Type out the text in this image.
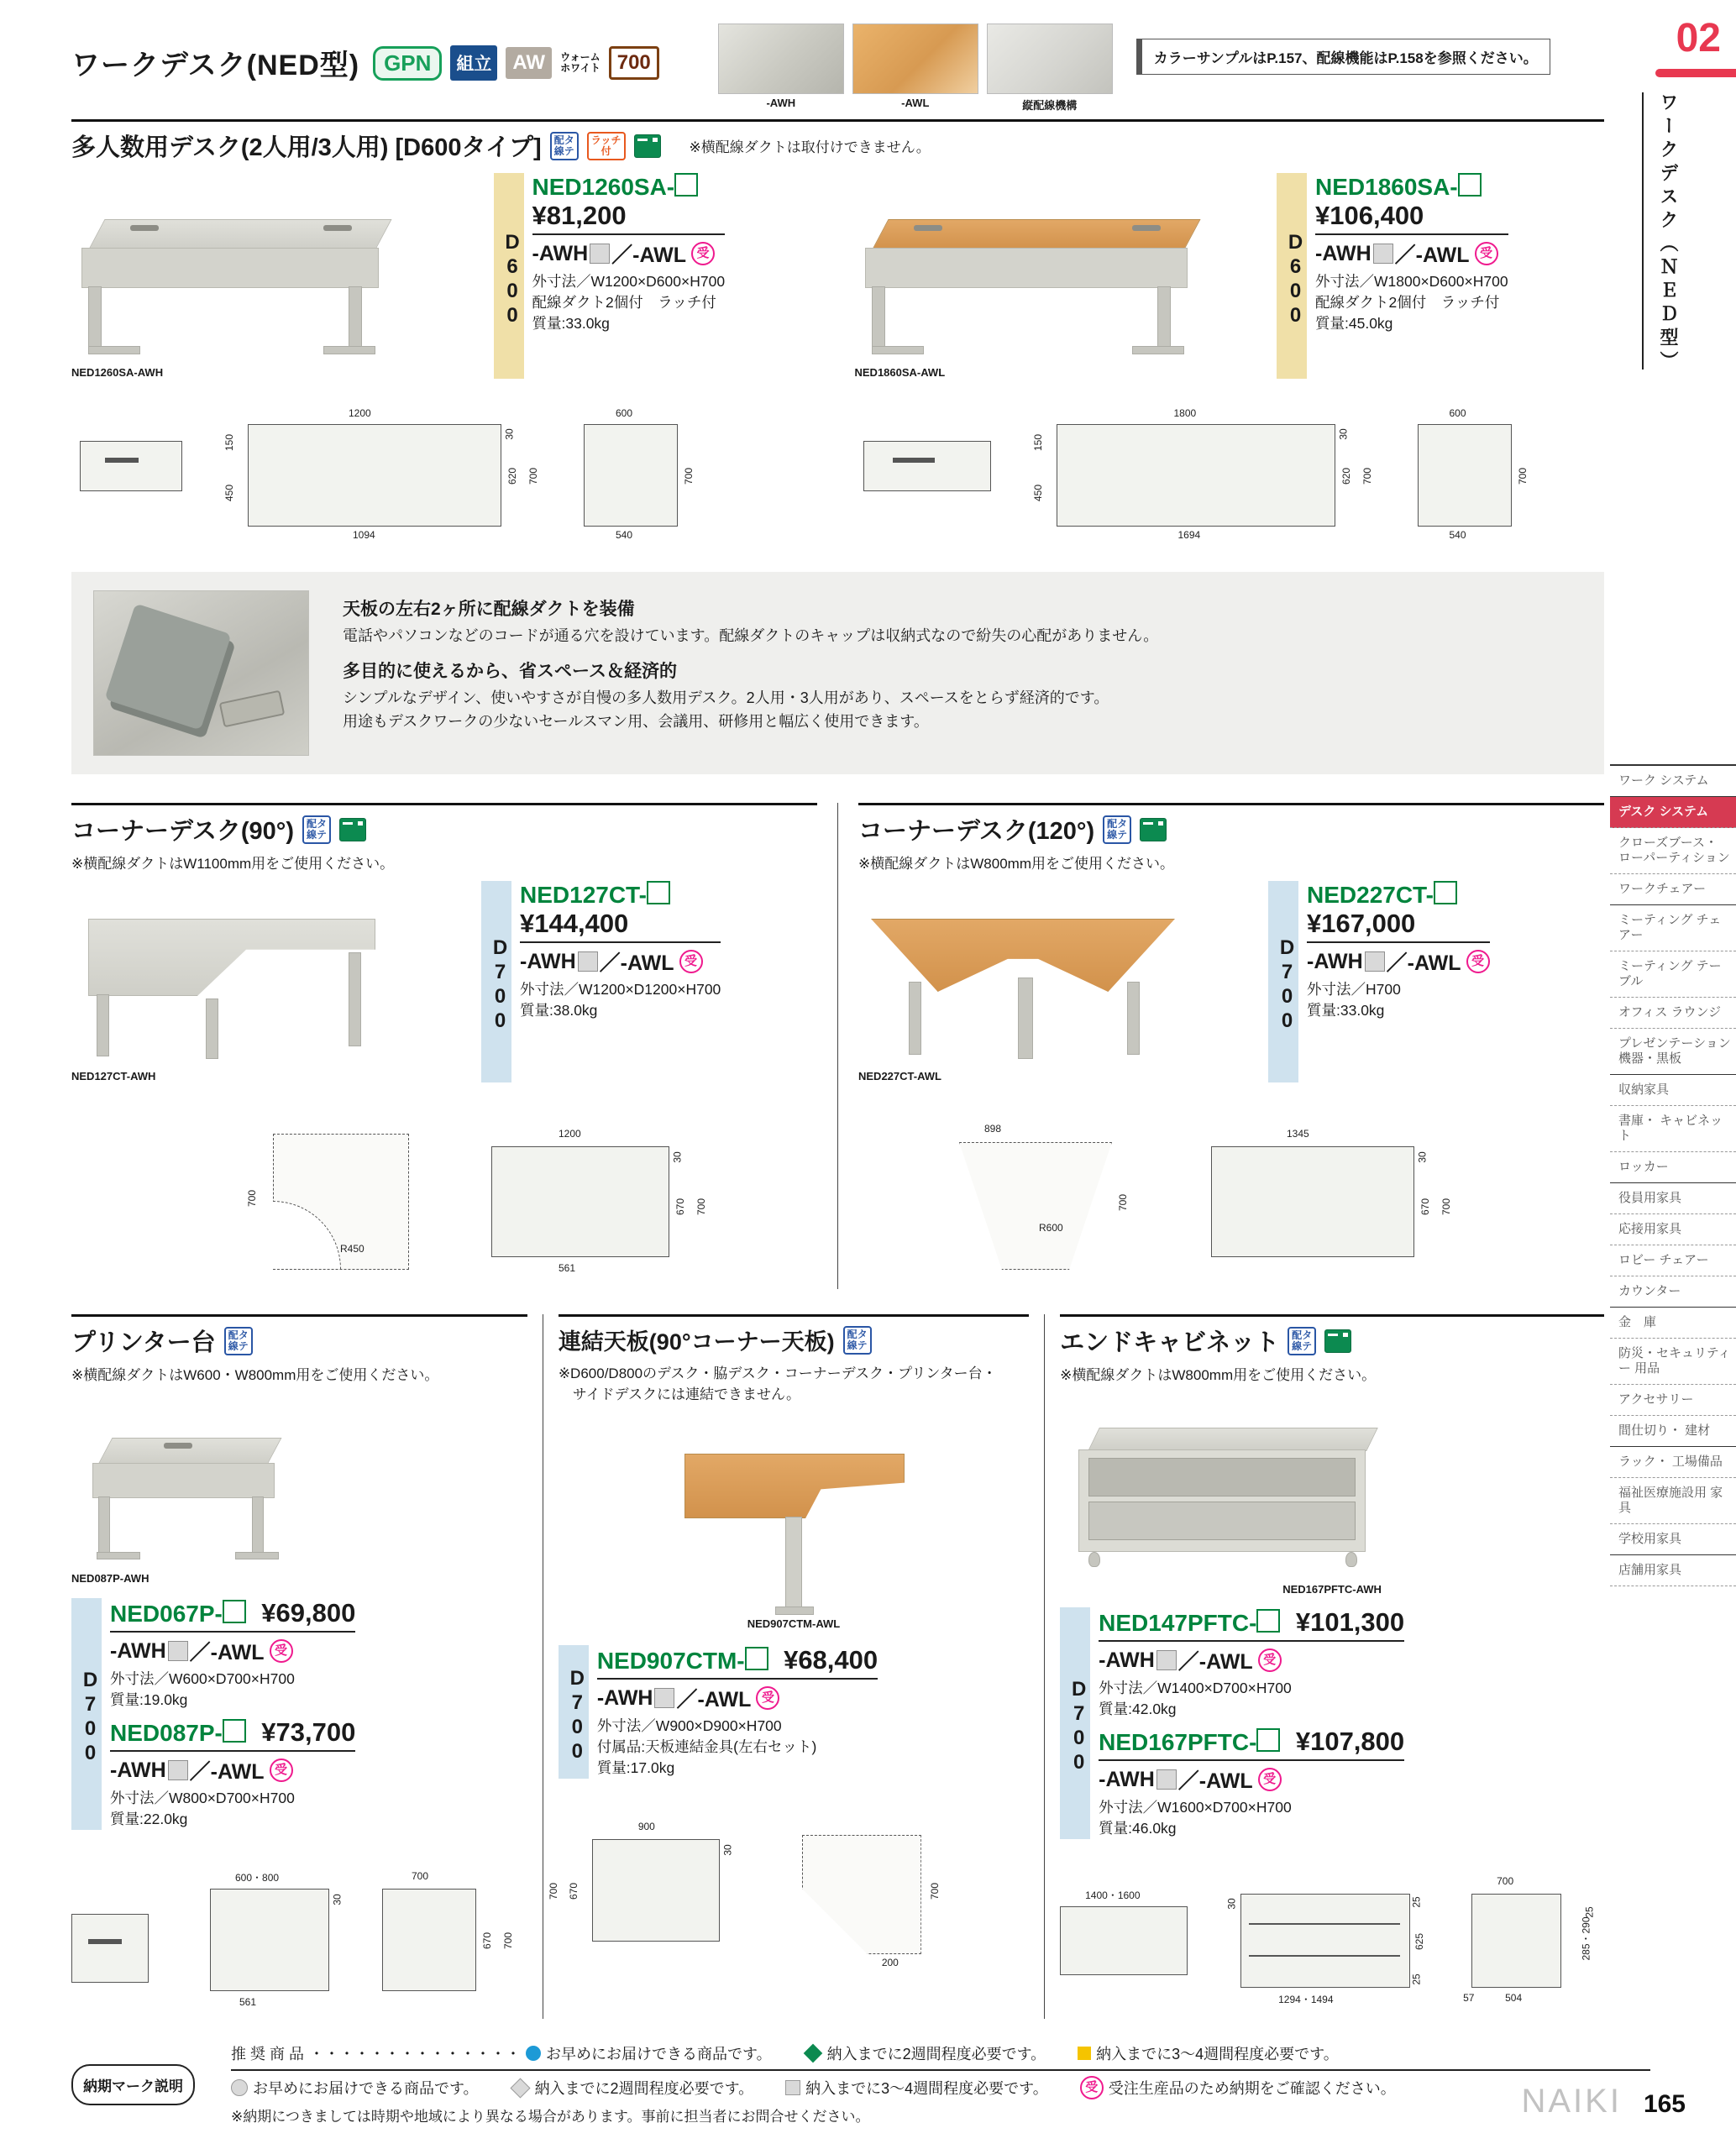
02
ワークデスク（ＮＥＤ型）
ワーク システム
デスク システム
クローズブース・ ローパーティション
ワークチェアー
ミーティング チェアー
ミーティング テーブル
オフィス ラウンジ
プレゼンテーション 機器・黒板
収納家具
書庫・ キャビネット
ロッカー
役員用家具
応接用家具
ロビー チェアー
カウンター
金　庫
防災・セキュリティー 用品
アクセサリー
間仕切り・ 建材
ラック・ 工場備品
福祉医療施設用 家具
学校用家具
店舗用家具
ワークデスク(NED型)	GPN	組立	AW	ウォーム
ホワイト 700
-AWH	-AWL	縦配線機構
カラーサンプルはP.157、配線機能はP.158を参照ください。
多人数用デスク(2人用/3人用) [D600タイプ]	配タ
線テ
ラッチ
付	※横配線ダクトは取付けできません。
NED1260SA-AWH
D600
NED1260SA-
¥81,200
-AWH ／-AWL 受
外寸法／W1200×D600×H700
配線ダクト2個付　ラッチ付
質量:33.0kg
1200
1094
150
450
30
620 700
600
700
540
NED1860SA-AWL
D600
NED1860SA-
¥106,400
-AWH ／-AWL 受
外寸法／W1800×D600×H700
配線ダクト2個付　ラッチ付
質量:45.0kg
1800
1694
150
450
30
620 700
600
700
540
天板の左右2ヶ所に配線ダクトを装備
電話やパソコンなどのコードが通る穴を設けています。配線ダクトのキャップは収納式なので紛失の心配がありません。
多目的に使えるから、省スペース＆経済的
シンプルなデザイン、使いやすさが自慢の多人数用デスク。2人用・3人用があり、スペースをとらず経済的です。
用途もデスクワークの少ないセールスマン用、会議用、研修用と幅広く使用できます。
コーナーデスク(90°)	配タ
線テ
※横配線ダクトはW1100mm用をご使用ください。
NED127CT-AWH
D700
NED127CT-
¥144,400
-AWH ／-AWL 受
外寸法／W1200×D1200×H700
質量:38.0kg
700
R450
1200
30
670 700
561
コーナーデスク(120°)	配タ
線テ
※横配線ダクトはW800mm用をご使用ください。
NED227CT-AWL
D700
NED227CT-
¥167,000
-AWH ／-AWL 受
外寸法／H700
質量:33.0kg
898
700
R600
1345
30
670 700
プリンター台	配タ
線テ
※横配線ダクトはW600・W800mm用をご使用ください。
NED087P-AWH
D700
NED067P- ¥69,800
-AWH ／-AWL 受
外寸法／W600×D700×H700
質量:19.0kg
NED087P- ¥73,700
-AWH ／-AWL 受
外寸法／W800×D700×H700
質量:22.0kg
600・800
30
561
700
670 700
連結天板(90°コーナー天板)	配タ
線テ
※D600/D800のデスク・脇デスク・コーナーデスク・プリンター台・
　サイドデスクには連結できません。
NED907CTM-AWL
D700
NED907CTM- ¥68,400
-AWH ／-AWL 受
外寸法／W900×D900×H700
付属品:天板連結金具(左右セット)
質量:17.0kg
900
30
670
700	700
200
エンドキャビネット	配タ
線テ
※横配線ダクトはW800mm用をご使用ください。
NED167PFTC-AWH
D700
NED147PFTC- ¥101,300
-AWH ／-AWL 受
外寸法／W1400×D700×H700
質量:42.0kg
NED167PFTC- ¥107,800
-AWH ／-AWL 受
外寸法／W1600×D700×H700
質量:46.0kg
1400・1600
25
625
25
30
1294・1494
700
285・290
25
57	504
納期マーク説明
推 奨 商 品 ・・・・・・・・・・・・・・ お早めにお届けできる商品です。	納入までに2週間程度必要です。	納入までに3～4週間程度必要です。
お早めにお届けできる商品です。	納入までに2週間程度必要です。	納入までに3～4週間程度必要です。	受 受注生産品のため納期をご確認ください。
※納期につきましては時期や地域により異なる場合があります。事前に担当者にお問合せください。	NAIKI 165
